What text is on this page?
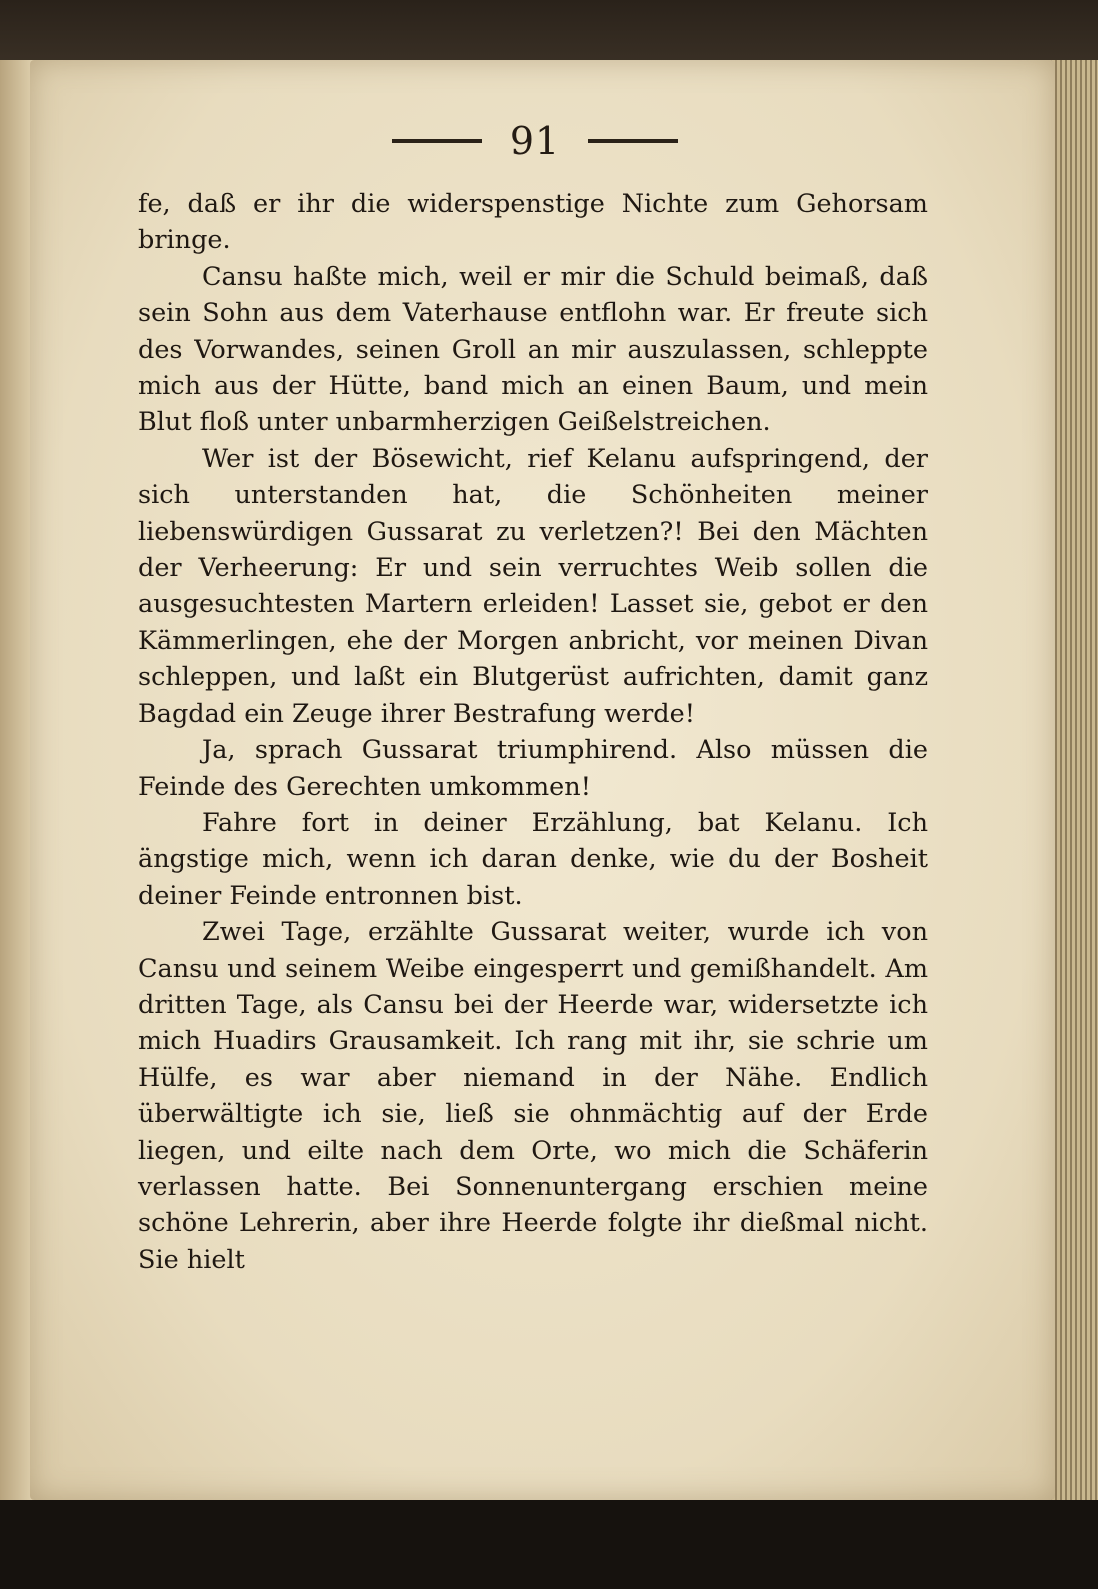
91

fe, daß er ihr die widerspenstige Nichte zum Gehorsam bringe.

Cansu haßte mich, weil er mir die Schuld beimaß, daß sein Sohn aus dem Vaterhause entflohn war. Er freute sich des Vorwandes, seinen Groll an mir auszulassen, schleppte mich aus der Hütte, band mich an einen Baum, und mein Blut floß unter unbarmherzigen Geißelstreichen.

Wer ist der Bösewicht, rief Kelanu aufspringend, der sich unterstanden hat, die Schönheiten meiner liebenswürdigen Gussarat zu verletzen?! Bei den Mächten der Verheerung: Er und sein verruchtes Weib sollen die ausgesuchtesten Martern erleiden! Lasset sie, gebot er den Kämmerlingen, ehe der Morgen anbricht, vor meinen Divan schleppen, und laßt ein Blutgerüst aufrichten, damit ganz Bagdad ein Zeuge ihrer Bestrafung werde!

Ja, sprach Gussarat triumphirend. Also müssen die Feinde des Gerechten umkommen!

Fahre fort in deiner Erzählung, bat Kelanu. Ich ängstige mich, wenn ich daran denke, wie du der Bosheit deiner Feinde entronnen bist.

Zwei Tage, erzählte Gussarat weiter, wurde ich von Cansu und seinem Weibe eingesperrt und gemißhandelt. Am dritten Tage, als Cansu bei der Heerde war, widersetzte ich mich Huadirs Grausamkeit. Ich rang mit ihr, sie schrie um Hülfe, es war aber niemand in der Nähe. Endlich überwältigte ich sie, ließ sie ohnmächtig auf der Erde liegen, und eilte nach dem Orte, wo mich die Schäferin verlassen hatte. Bei Sonnenuntergang erschien meine schöne Lehrerin, aber ihre Heerde folgte ihr dießmal nicht. Sie hielt
